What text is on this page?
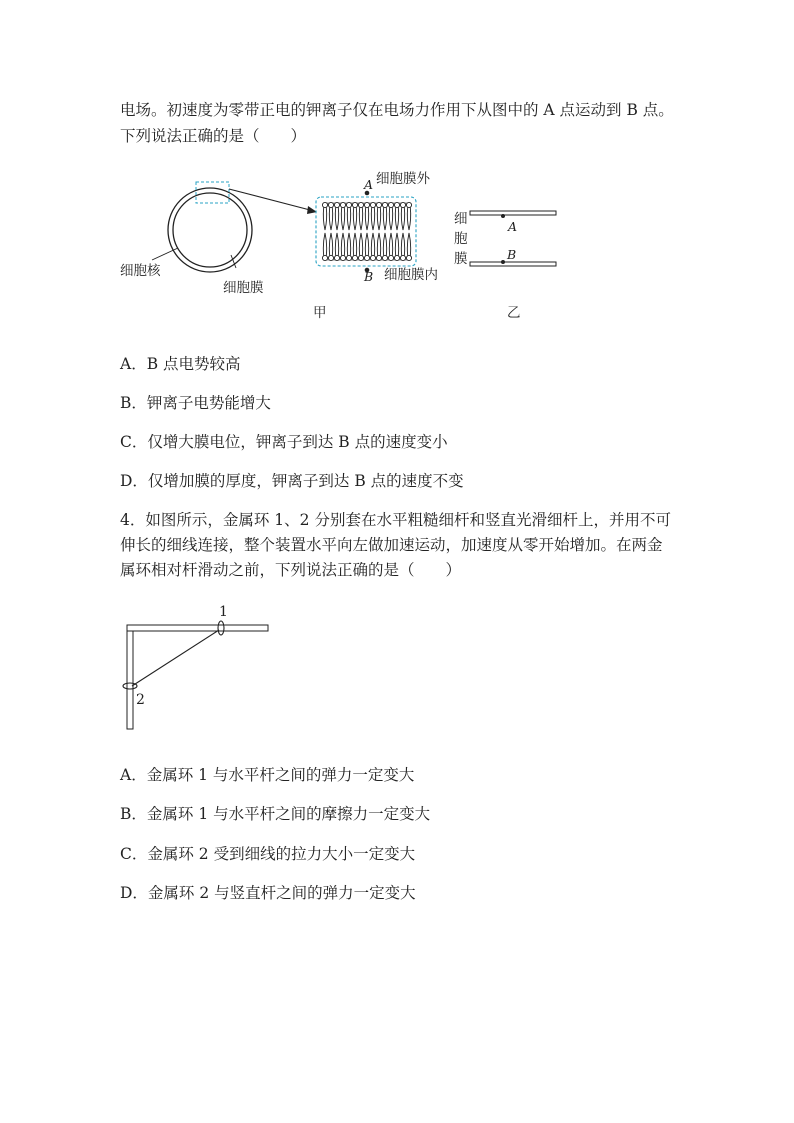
电场。初速度为零带正电的钾离子仅在电场力作用下从图中的 A 点运动到 B 点。
下列说法正确的是（　　）
细胞核
细胞膜
A
B
细胞膜外
细胞膜内
细
胞
膜
A
B
甲	乙
A．B 点电势较高
B．钾离子电势能增大
C．仅增大膜电位，钾离子到达 B 点的速度变小
D．仅增加膜的厚度，钾离子到达 B 点的速度不变
4．如图所示，金属环 1、2 分别套在水平粗糙细杆和竖直光滑细杆上，并用不可
伸长的细线连接，整个装置水平向左做加速运动，加速度从零开始增加。在两金
属环相对杆滑动之前，下列说法正确的是（　　）
1
2
A．金属环 1 与水平杆之间的弹力一定变大
B．金属环 1 与水平杆之间的摩擦力一定变大
C．金属环 2 受到细线的拉力大小一定变大
D．金属环 2 与竖直杆之间的弹力一定变大
